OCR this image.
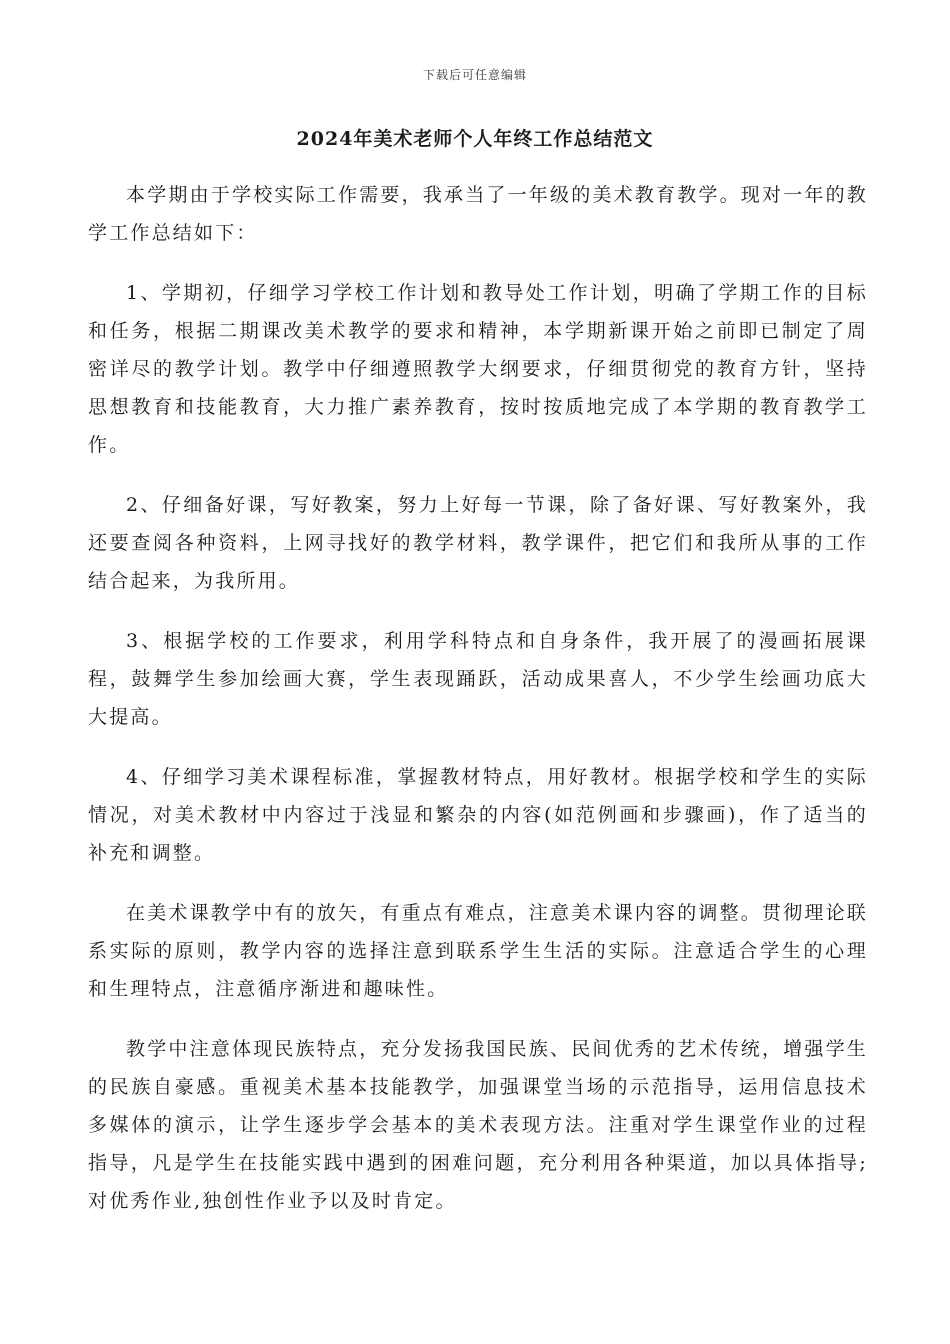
下载后可任意编辑
2024年美术老师个人年终工作总结范文

本学期由于学校实际工作需要，我承当了一年级的美术教育教学。现对一年的教学工作总结如下：

1、学期初，仔细学习学校工作计划和教导处工作计划，明确了学期工作的目标和任务，根据二期课改美术教学的要求和精神，本学期新课开始之前即已制定了周密详尽的教学计划。教学中仔细遵照教学大纲要求，仔细贯彻党的教育方针，坚持思想教育和技能教育，大力推广素养教育，按时按质地完成了本学期的教育教学工作。

2、仔细备好课，写好教案，努力上好每一节课，除了备好课、写好教案外，我还要查阅各种资料，上网寻找好的教学材料，教学课件，把它们和我所从事的工作结合起来，为我所用。

3、根据学校的工作要求，利用学科特点和自身条件，我开展了的漫画拓展课程，鼓舞学生参加绘画大赛，学生表现踊跃，活动成果喜人，不少学生绘画功底大大提高。

4、仔细学习美术课程标准，掌握教材特点，用好教材。根据学校和学生的实际情况，对美术教材中内容过于浅显和繁杂的内容(如范例画和步骤画)，作了适当的补充和调整。

在美术课教学中有的放矢，有重点有难点，注意美术课内容的调整。贯彻理论联系实际的原则，教学内容的选择注意到联系学生生活的实际。注意适合学生的心理和生理特点，注意循序渐进和趣味性。

教学中注意体现民族特点，充分发扬我国民族、民间优秀的艺术传统，增强学生的民族自豪感。重视美术基本技能教学，加强课堂当场的示范指导，运用信息技术多媒体的演示，让学生逐步学会基本的美术表现方法。注重对学生课堂作业的过程指导，凡是学生在技能实践中遇到的困难问题，充分利用各种渠道，加以具体指导;对优秀作业,独创性作业予以及时肯定。
